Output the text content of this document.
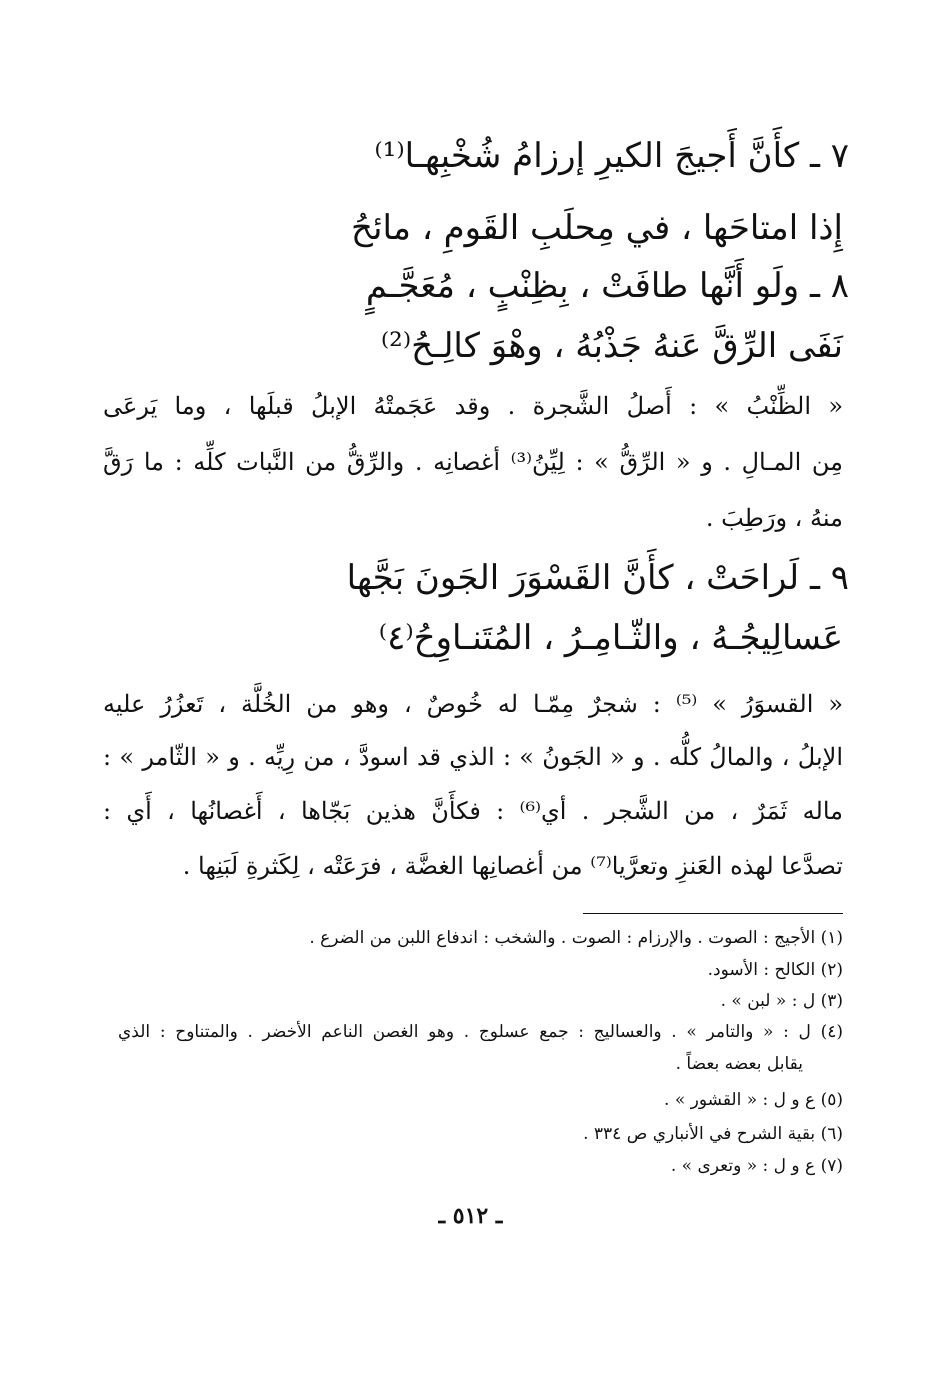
٧ ـ كأَنَّ أَجيجَ الكيرِ إرزامُ شُخْبِهـا⁽¹⁾
إِذا امتاحَها ، في مِحلَبِ القَومِ ، مائحُ
٨ ـ ولَو أَنَّها طافَتْ ، بِظِنْبٍ ، مُعَجَّـمٍ
نَفَى الرِّقَّ عَنهُ جَذْبُهُ ، وهْوَ كالِـحُ⁽²⁾
« الظِّنْبُ » : أَصلُ الشَّجرة . وقد عَجَمتْهُ الإبلُ قبلَها ، وما يَرعَى
مِن المـالِ . و « الرِّقُّ » : لِيِّنُ⁽³⁾ أغصانِه . والرِّقُّ من النَّبات كلِّه : ما رَقَّ
منهُ ، ورَطِبَ .
٩ ـ لَراحَتْ ، كأَنَّ القَسْوَرَ الجَونَ بَجَّها
عَسالِيجُـهُ ، والثّـامِـرُ ، المُتَنـاوِحُ⁽٤⁾
« القسوَرُ » ⁽⁵⁾ : شجرٌ مِمّـا له خُوصٌ ، وهو من الخُلَّة ، تَعزُرُ عليه
الإبلُ ، والمالُ كلُّه . و « الجَونُ » : الذي قد اسودَّ ، من رِيِّه . و « الثّامر » :
ماله ثَمَرٌ ، من الشَّجر . أي⁽⁶⁾ : فكأَنَّ هذين بَجّاها ، أَغصانُها ، أَي :
تصدَّعا لهذه العَنزِ وتعرَّيا⁽⁷⁾ من أغصانِها الغضَّة ، فرَعَتْه ، لِكَثرةِ لَبَنِها .
(١) الأجيج : الصوت . والإرزام : الصوت . والشخب : اندفاع اللبن من الضرع .
(٢) الكالح : الأسود.
(٣) ل : « لبن » .
(٤) ل : « والتامر » . والعساليج : جمع عسلوج . وهو الغصن الناعم الأخضر . والمتناوح : الذي
يقابل بعضه بعضاً .
(٥) ع و ل : « القشور » .
(٦) بقية الشرح في الأنباري ص ٣٣٤ .
(٧) ع و ل : « وتعرى » .
ـ ٥١٢ ـ
